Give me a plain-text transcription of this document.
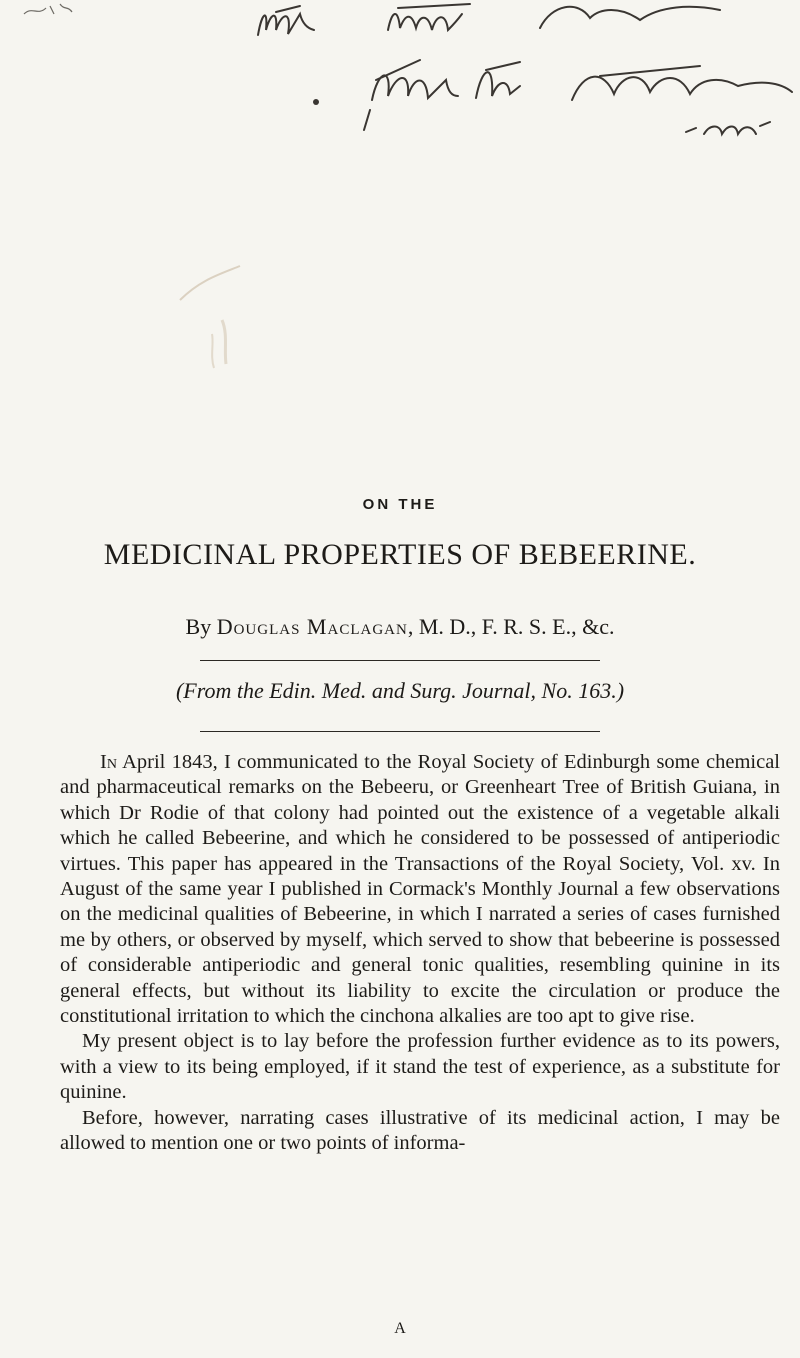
ON THE
MEDICINAL PROPERTIES OF BEBEERINE.
By Douglas Maclagan, M. D., F. R. S. E., &c.
(From the Edin. Med. and Surg. Journal, No. 163.)

In April 1843, I communicated to the Royal Society of Edinburgh some chemical and pharmaceutical remarks on the Bebeeru, or Greenheart Tree of British Guiana, in which Dr Rodie of that colony had pointed out the existence of a vegetable alkali which he called Bebeerine, and which he considered to be possessed of antiperiodic virtues. This paper has appeared in the Transactions of the Royal Society, Vol. xv. In August of the same year I published in Cormack's Monthly Journal a few observations on the medicinal qualities of Bebeerine, in which I narrated a series of cases furnished me by others, or observed by myself, which served to show that bebeerine is possessed of considerable antiperiodic and general tonic qualities, resembling quinine in its general effects, but without its liability to excite the circulation or produce the constitutional irritation to which the cinchona alkalies are too apt to give rise.

My present object is to lay before the profession further evidence as to its powers, with a view to its being employed, if it stand the test of experience, as a substitute for quinine.

Before, however, narrating cases illustrative of its medicinal action, I may be allowed to mention one or two points of informa-

A
